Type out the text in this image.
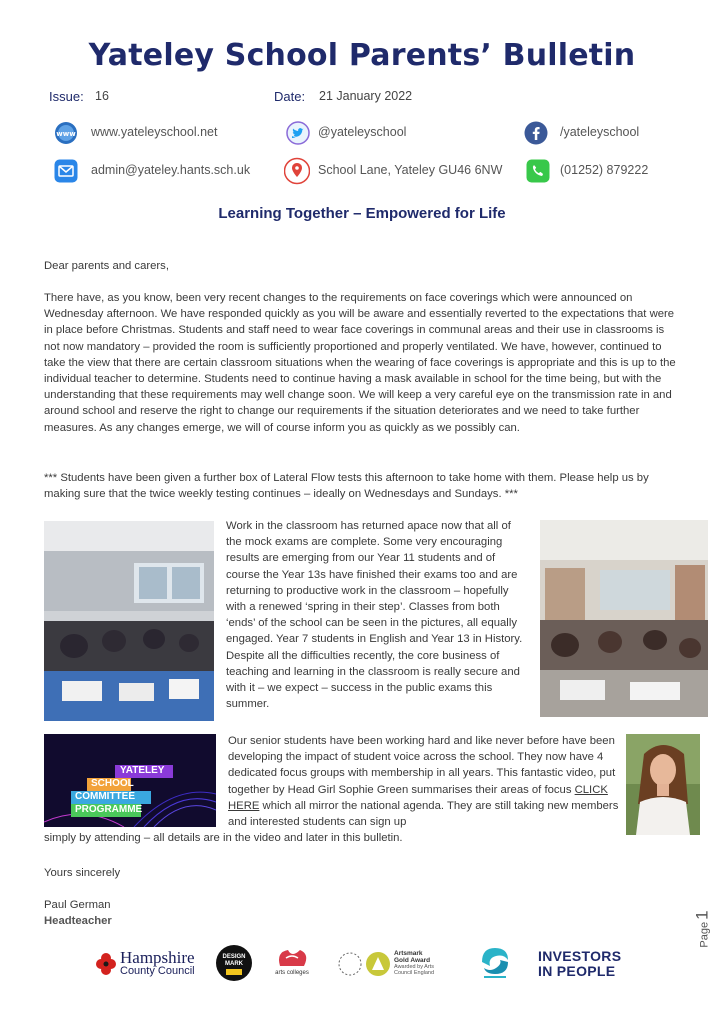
Yateley School Parents’ Bulletin
Issue: 16	Date: 21 January 2022
www www.yateleyschool.net	@yateleyschool	/yateleyschool
admin@yateley.hants.sch.uk	School Lane, Yateley GU46 6NW	(01252) 879222
Learning Together – Empowered for Life
Dear parents and carers,
There have, as you know, been very recent changes to the requirements on face coverings which were announced on Wednesday afternoon. We have responded quickly as you will be aware and essentially reverted to the expectations that were in place before Christmas. Students and staff need to wear face coverings in communal areas and their use in classrooms is not now mandatory – provided the room is sufficiently proportioned and properly ventilated. We have, however, continued to take the view that there are certain classroom situations when the wearing of face coverings is appropriate and this is up to the individual teacher to determine. Students need to continue having a mask available in school for the time being, but with the understanding that these requirements may well change soon. We will keep a very careful eye on the transmission rate in and around school and reserve the right to change our requirements if the situation deteriorates and we need to take further measures. As any changes emerge, we will of course inform you as quickly as we possibly can.
*** Students have been given a further box of Lateral Flow tests this afternoon to take home with them. Please help us by making sure that the twice weekly testing continues – ideally on Wednesdays and Sundays. ***
Work in the classroom has returned apace now that all of the mock exams are complete. Some very encouraging results are emerging from our Year 11 students and of course the Year 13s have finished their exams too and are returning to productive work in the classroom – hopefully with a renewed ‘spring in their step’. Classes from both ‘ends’ of the school can be seen in the pictures, all equally engaged. Year 7 students in English and Year 13 in History. Despite all the difficulties recently, the core business of teaching and learning in the classroom is really secure and with it – we expect – success in the public exams this summer.
YATELEY
SCHOOL
COMMITTEE
PROGRAMME
Our senior students have been working hard and like never before have been developing the impact of student voice across the school. They now have 4 dedicated focus groups with membership in all years. This fantastic video, put together by Head Girl Sophie Green summarises their areas of focus CLICK HERE which all mirror the national agenda. They are still taking new members and interested students can sign up
simply by attending – all details are in the video and later in this bulletin.
Yours sincerely
Paul German
Headteacher
Page1
Hampshire
County Council
DESIGN MARK
arts colleges
Artsmark
Gold Award
Awarded by Arts
Council England
INVESTORS
IN PEOPLE
